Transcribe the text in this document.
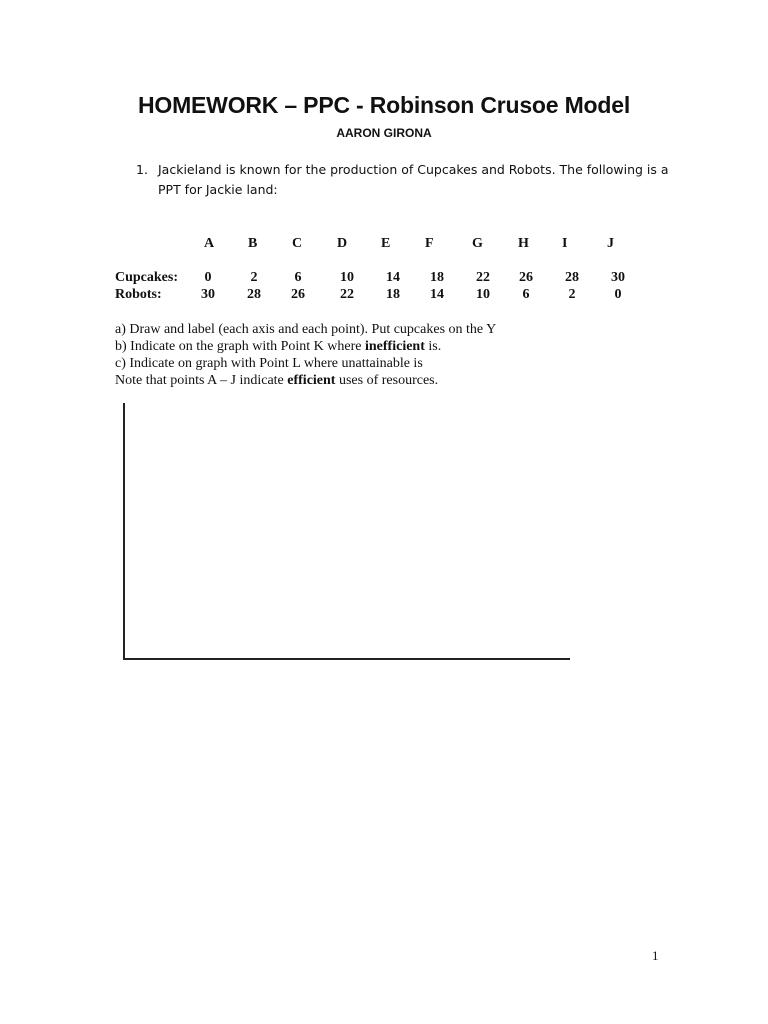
HOMEWORK – PPC - Robinson Crusoe Model
AARON GIRONA
1. Jackieland is known for the production of Cupcakes and Robots. The following is a PPT for Jackie land:
A B C D E F	G	H I	J
Cupcakes:	0	2	6	10 14 18 22 26 28 30
Robots:	30 28 26	22 18 14 10	6	2	0
a) Draw and label (each axis and each point). Put cupcakes on the Y
b) Indicate on the graph with Point K where inefficient is.
c) Indicate on graph with Point L where unattainable is
Note that points A – J indicate efficient uses of resources.
1
